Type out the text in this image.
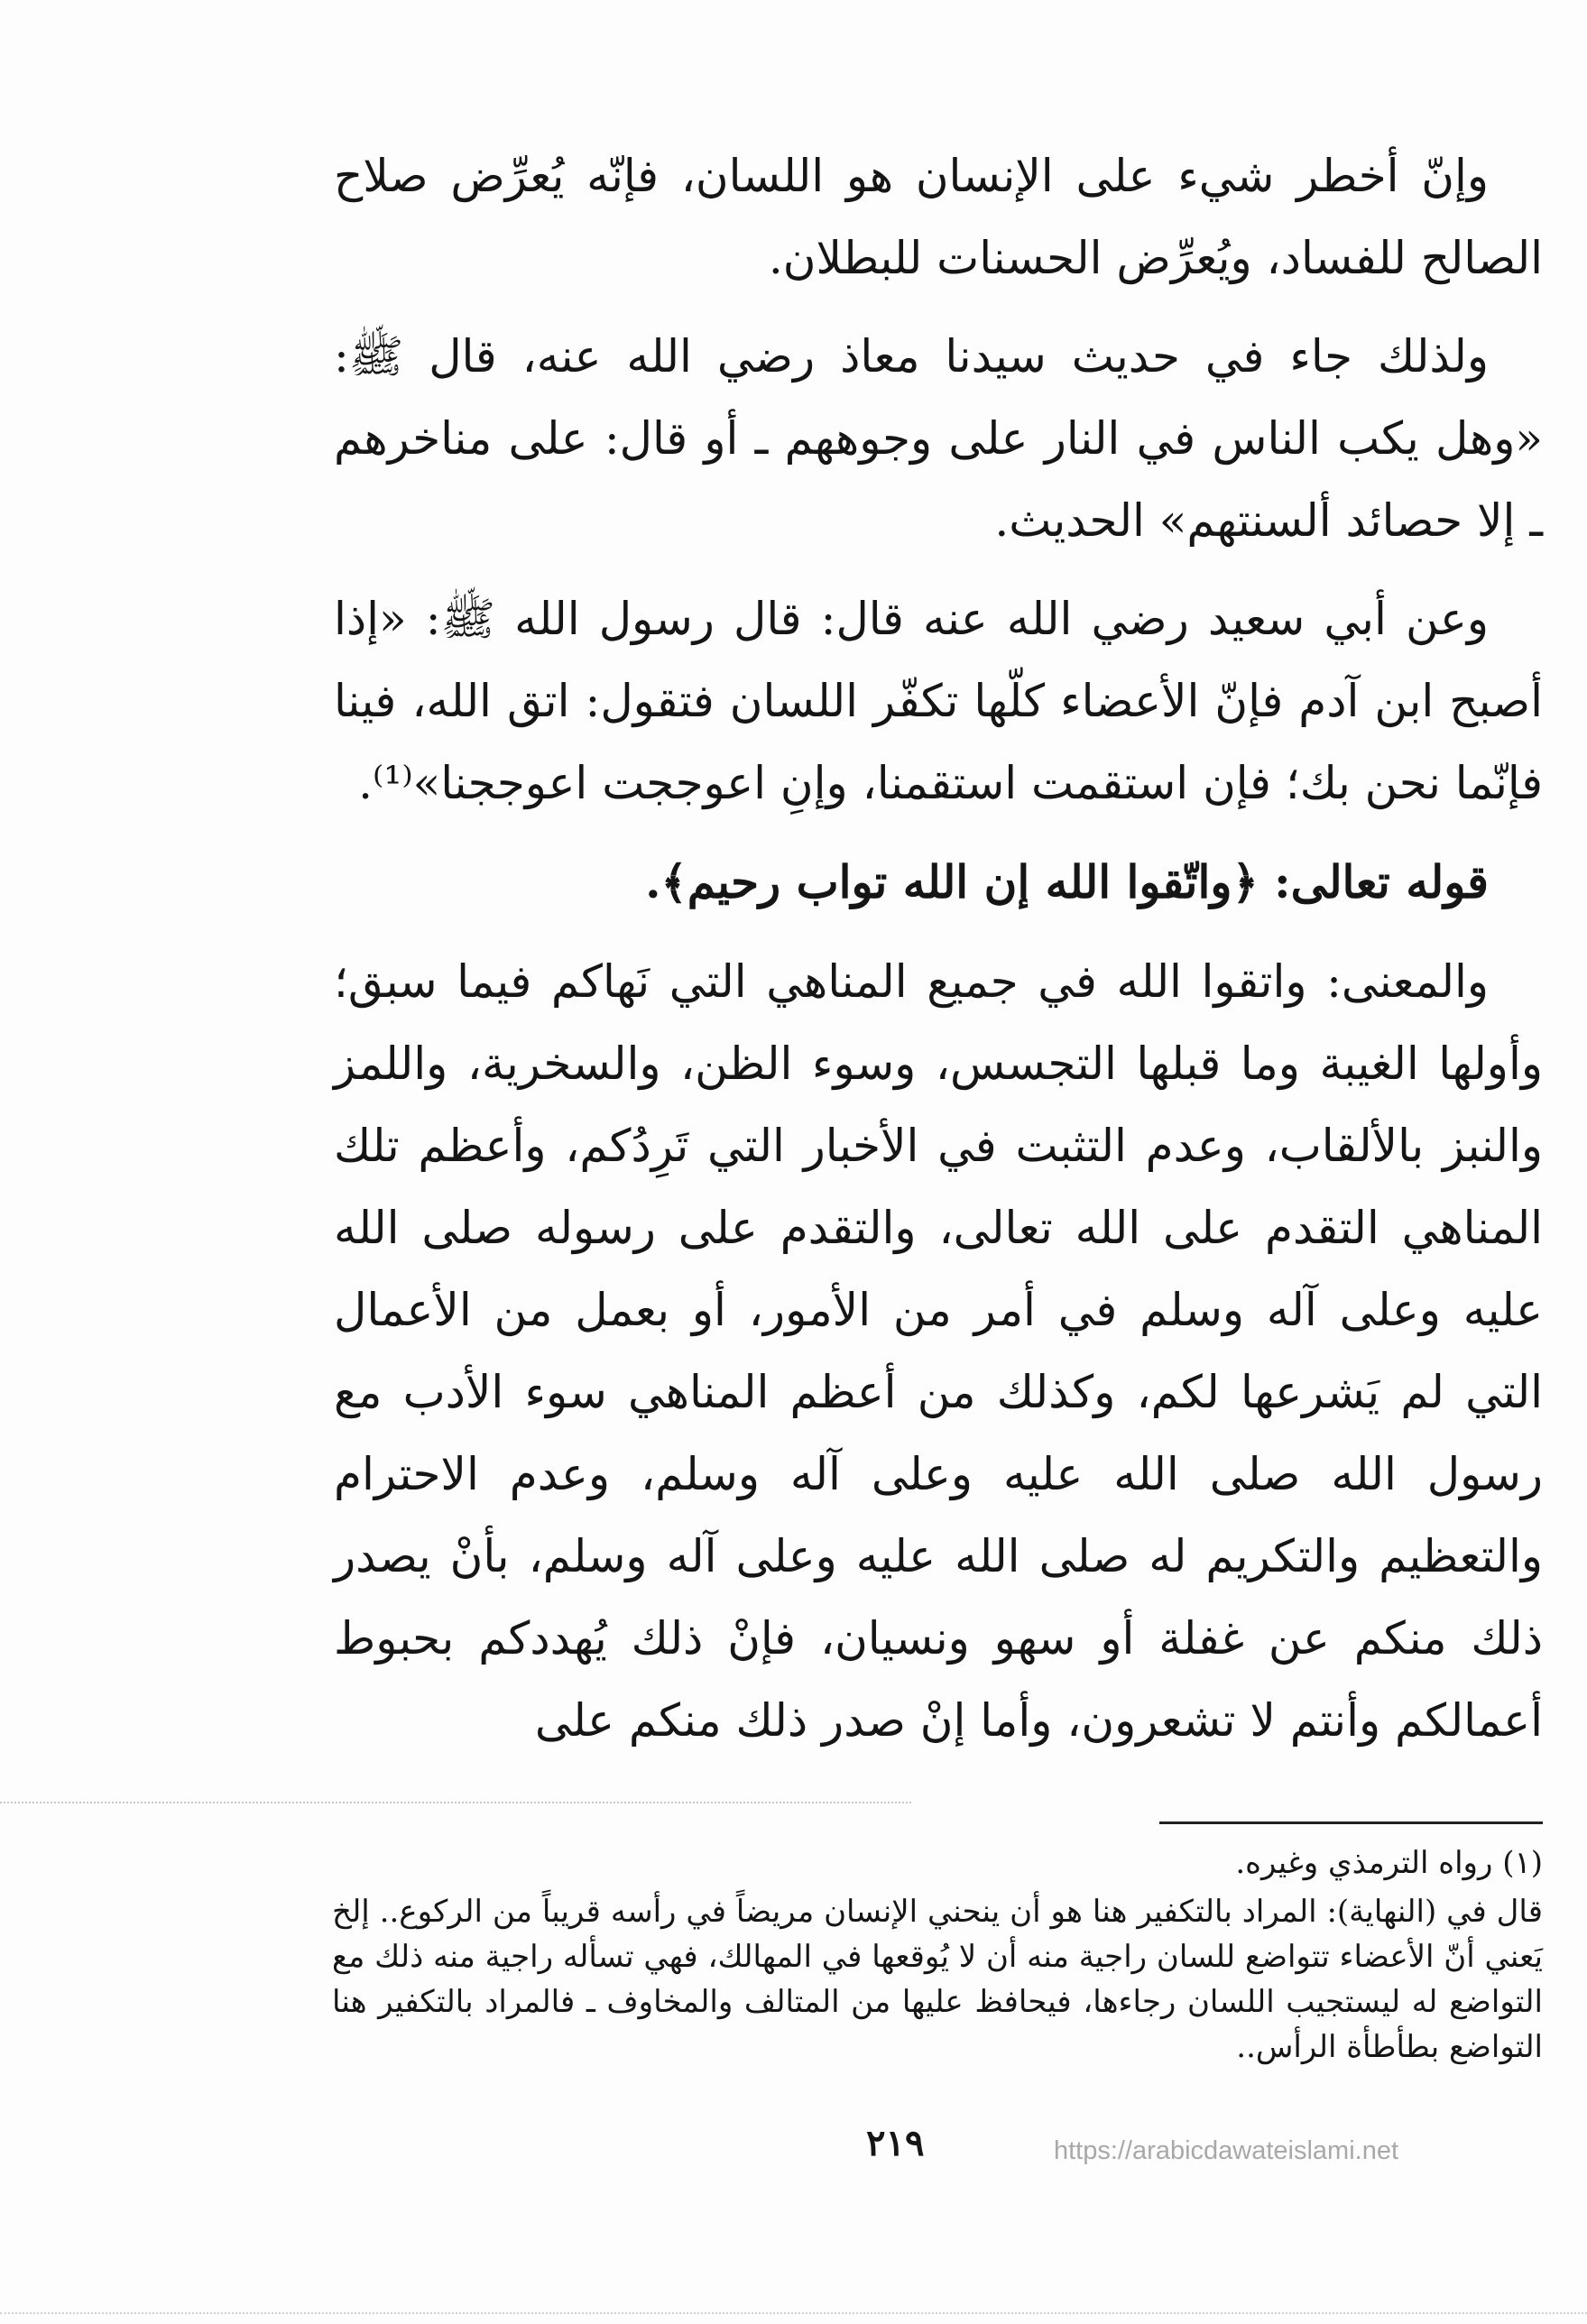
وإنّ أخطر شيء على الإنسان هو اللسان، فإنّه يُعرِّض صلاح الصالح للفساد، ويُعرِّض الحسنات للبطلان.

ولذلك جاء في حديث سيدنا معاذ رضي الله عنه، قال ﷺ: «وهل يكب الناس في النار على وجوههم ـ أو قال: على مناخرهم ـ إلا حصائد ألسنتهم» الحديث.

وعن أبي سعيد رضي الله عنه قال: قال رسول الله ﷺ: «إذا أصبح ابن آدم فإنّ الأعضاء كلّها تكفّر اللسان فتقول: اتق الله، فينا فإنّما نحن بك؛ فإن استقمت استقمنا، وإنِ اعوججت اعوججنا»⁽¹⁾.

قوله تعالى: ﴿واتّقوا الله إن الله تواب رحيم﴾.

والمعنى: واتقوا الله في جميع المناهي التي نَهاكم فيما سبق؛ وأولها الغيبة وما قبلها التجسس، وسوء الظن، والسخرية، واللمز والنبز بالألقاب، وعدم التثبت في الأخبار التي تَرِدُكم، وأعظم تلك المناهي التقدم على الله تعالى، والتقدم على رسوله صلى الله عليه وعلى آله وسلم في أمر من الأمور، أو بعمل من الأعمال التي لم يَشرعها لكم، وكذلك من أعظم المناهي سوء الأدب مع رسول الله صلى الله عليه وعلى آله وسلم، وعدم الاحترام والتعظيم والتكريم له صلى الله عليه وعلى آله وسلم، بأنْ يصدر ذلك منكم عن غفلة أو سهو ونسيان، فإنْ ذلك يُهددكم بحبوط أعمالكم وأنتم لا تشعرون، وأما إنْ صدر ذلك منكم على

(١) رواه الترمذي وغيره.

قال في (النهاية): المراد بالتكفير هنا هو أن ينحني الإنسان مريضاً في رأسه قريباً من الركوع.. إلخ يَعني أنّ الأعضاء تتواضع للسان راجية منه أن لا يُوقعها في المهالك، فهي تسأله راجية منه ذلك مع التواضع له ليستجيب اللسان رجاءها، فيحافظ عليها من المتالف والمخاوف ـ فالمراد بالتكفير هنا التواضع بطأطأة الرأس..

٢١٩	https://arabicdawateislami.net
